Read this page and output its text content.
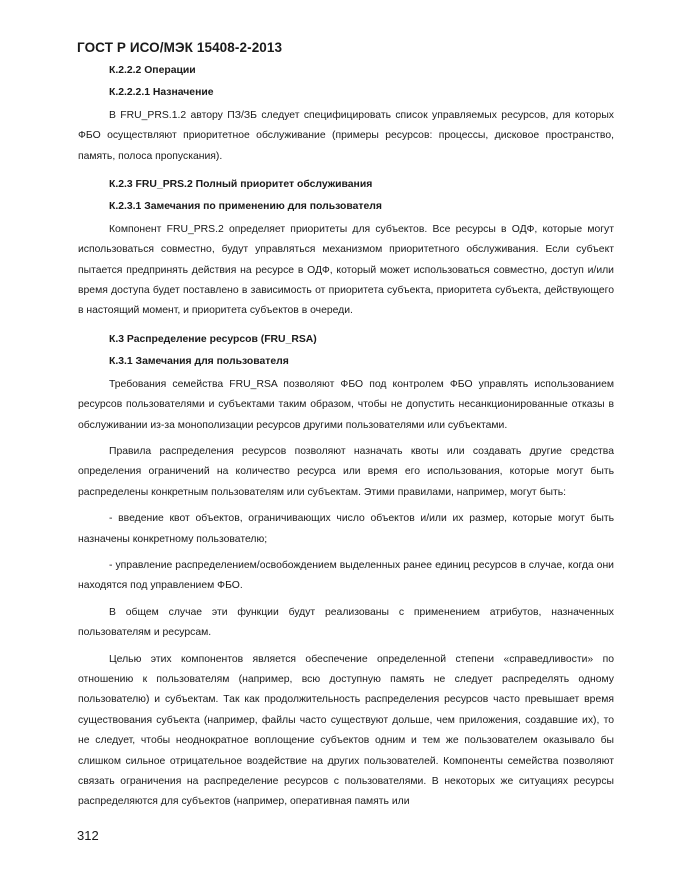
ГОСТ Р ИСО/МЭК 15408-2-2013

К.2.2.2 Операции

К.2.2.2.1 Назначение

В FRU_PRS.1.2 автору ПЗ/ЗБ следует специфицировать список управляемых ресурсов, для которых ФБО осуществляют приоритетное обслуживание (примеры ресурсов: процессы, дисковое пространство, память, полоса пропускания).

К.2.3 FRU_PRS.2 Полный приоритет обслуживания

К.2.3.1 Замечания по применению для пользователя

Компонент FRU_PRS.2 определяет приоритеты для субъектов. Все ресурсы в ОДФ, которые могут использоваться совместно, будут управляться механизмом приоритетного обслуживания. Если субъект пытается предпринять действия на ресурсе в ОДФ, который может использоваться совместно, доступ и/или время доступа будет поставлено в зависимость от приоритета субъекта, приоритета субъекта, действующего в настоящий момент, и приоритета субъектов в очереди.

К.3 Распределение ресурсов (FRU_RSA)

К.3.1 Замечания для пользователя

Требования семейства FRU_RSA позволяют ФБО под контролем ФБО управлять использованием ресурсов пользователями и субъектами таким образом, чтобы не допустить несанкционированные отказы в обслуживании из-за монополизации ресурсов другими пользователями или субъектами.

Правила распределения ресурсов позволяют назначать квоты или создавать другие средства определения ограничений на количество ресурса или время его использования, которые могут быть распределены конкретным пользователям или субъектам. Этими правилами, например, могут быть:

- введение квот объектов, ограничивающих число объектов и/или их размер, которые могут быть назначены конкретному пользователю;

- управление распределением/освобождением выделенных ранее единиц ресурсов в случае, когда они находятся под управлением ФБО.

В общем случае эти функции будут реализованы с применением атрибутов, назначенных пользователям и ресурсам.

Целью этих компонентов является обеспечение определенной степени «справедливости» по отношению к пользователям (например, всю доступную память не следует распределять одному пользователю) и субъектам. Так как продолжительность распределения ресурсов часто превышает время существования субъекта (например, файлы часто существуют дольше, чем приложения, создавшие их), то не следует, чтобы неоднократное воплощение субъектов одним и тем же пользователем оказывало бы слишком сильное отрицательное воздействие на других пользователей. Компоненты семейства позволяют связать ограничения на распределение ресурсов с пользователями. В некоторых же ситуациях ресурсы распределяются для субъектов (например, оперативная память или

312
